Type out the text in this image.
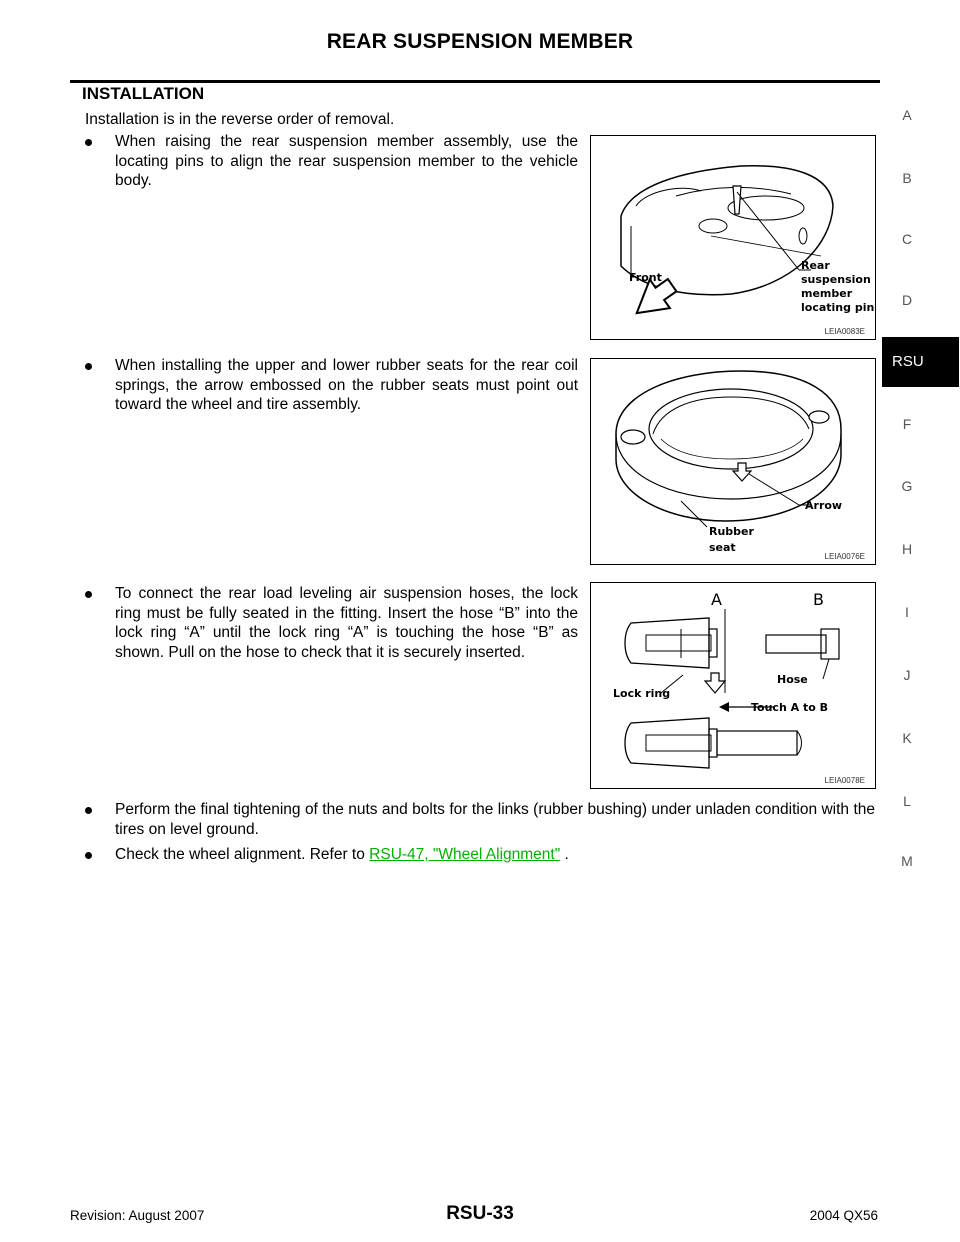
REAR SUSPENSION MEMBER
INSTALLATION
Installation is in the reverse order of removal.
When raising the rear suspension member assembly, use the locating pins to align the rear suspension member to the vehicle body.
When installing the upper and lower rubber seats for the rear coil springs, the arrow embossed on the rubber seats must point out toward the wheel and tire assembly.
To connect the rear load leveling air suspension hoses, the lock ring must be fully seated in the fitting. Insert the hose “B” into the lock ring “A” until the lock ring “A” is touching the hose “B” as shown. Pull on the hose to check that it is securely inserted.
Perform the final tightening of the nuts and bolts for the links (rubber bushing) under unladen condition with the tires on level ground.
Check the wheel alignment. Refer to RSU-47, "Wheel Alignment" .
Front
Rear
suspension
member
locating pin
LEIA0083E
Arrow
Rubber
seat
LEIA0076E
A	B
Hose
Lock ring
Touch A to B
LEIA0078E
A
B
C
D
RSU
F
G
H
I
J
K
L
M
Revision: August 2007	RSU-33	2004 QX56
